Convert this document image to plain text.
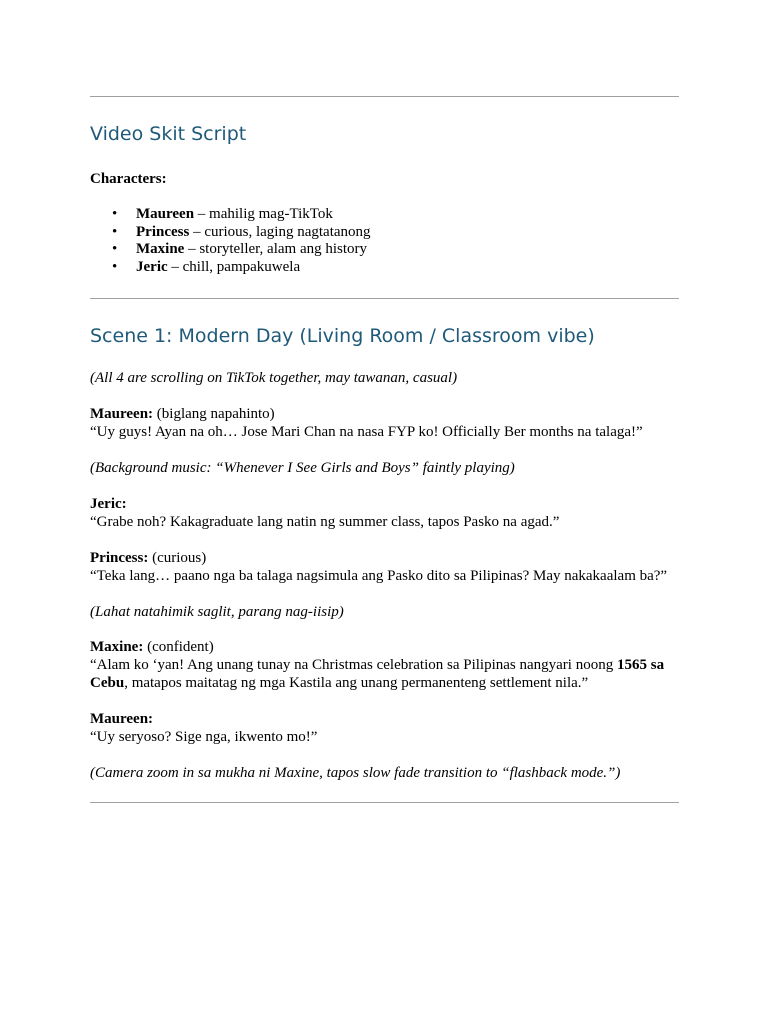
Video Skit Script

Characters:

• Maureen – mahilig mag-TikTok
• Princess – curious, laging nagtatanong
• Maxine – storyteller, alam ang history
• Jeric – chill, pampakuwela
Scene 1: Modern Day (Living Room / Classroom vibe)

(All 4 are scrolling on TikTok together, may tawanan, casual)

Maureen: (biglang napahinto)

“Uy guys! Ayan na oh… Jose Mari Chan na nasa FYP ko! Officially Ber months na talaga!”

(Background music: “Whenever I See Girls and Boys” faintly playing)

Jeric:

“Grabe noh? Kakagraduate lang natin ng summer class, tapos Pasko na agad.”

Princess: (curious)

“Teka lang… paano nga ba talaga nagsimula ang Pasko dito sa Pilipinas? May nakakaalam ba?”

(Lahat natahimik saglit, parang nag-iisip)

Maxine: (confident)

“Alam ko ‘yan! Ang unang tunay na Christmas celebration sa Pilipinas nangyari noong 1565 sa Cebu, matapos maitatag ng mga Kastila ang unang permanenteng settlement nila.”

Maureen:

“Uy seryoso? Sige nga, ikwento mo!”

(Camera zoom in sa mukha ni Maxine, tapos slow fade transition to “flashback mode.”)
